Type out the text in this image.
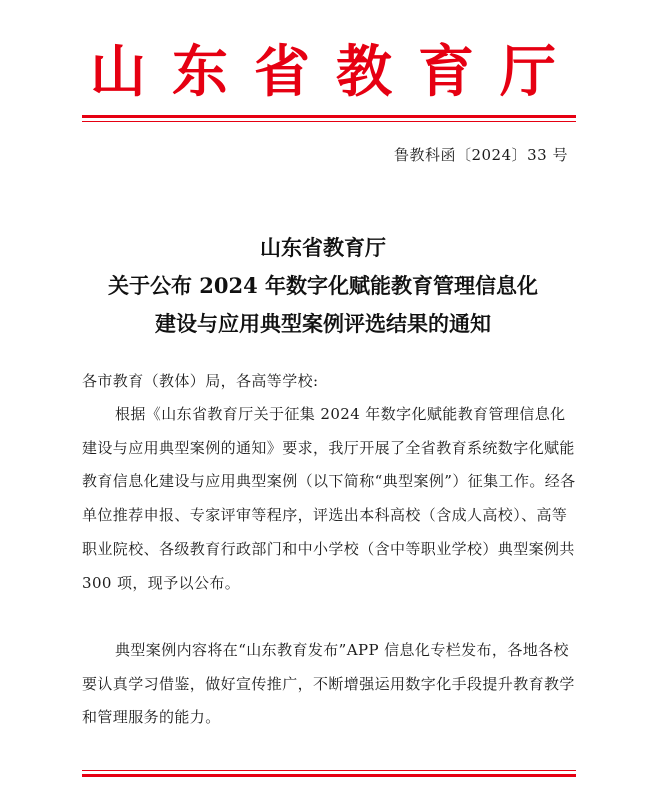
山东省教育厅
鲁教科函〔2024〕33 号
山东省教育厅
关于公布 2024 年数字化赋能教育管理信息化
建设与应用典型案例评选结果的通知
各市教育（教体）局，各高等学校:
根据《山东省教育厅关于征集 2024 年数字化赋能教育管理信息化建设与应用典型案例的通知》要求，我厅开展了全省教育系统数字化赋能教育信息化建设与应用典型案例（以下简称“典型案例”）征集工作。经各单位推荐申报、专家评审等程序，评选出本科高校（含成人高校）、高等职业院校、各级教育行政部门和中小学校（含中等职业学校）典型案例共 300 项，现予以公布。
典型案例内容将在“山东教育发布”APP 信息化专栏发布，各地各校要认真学习借鉴，做好宣传推广，不断增强运用数字化手段提升教育教学和管理服务的能力。
